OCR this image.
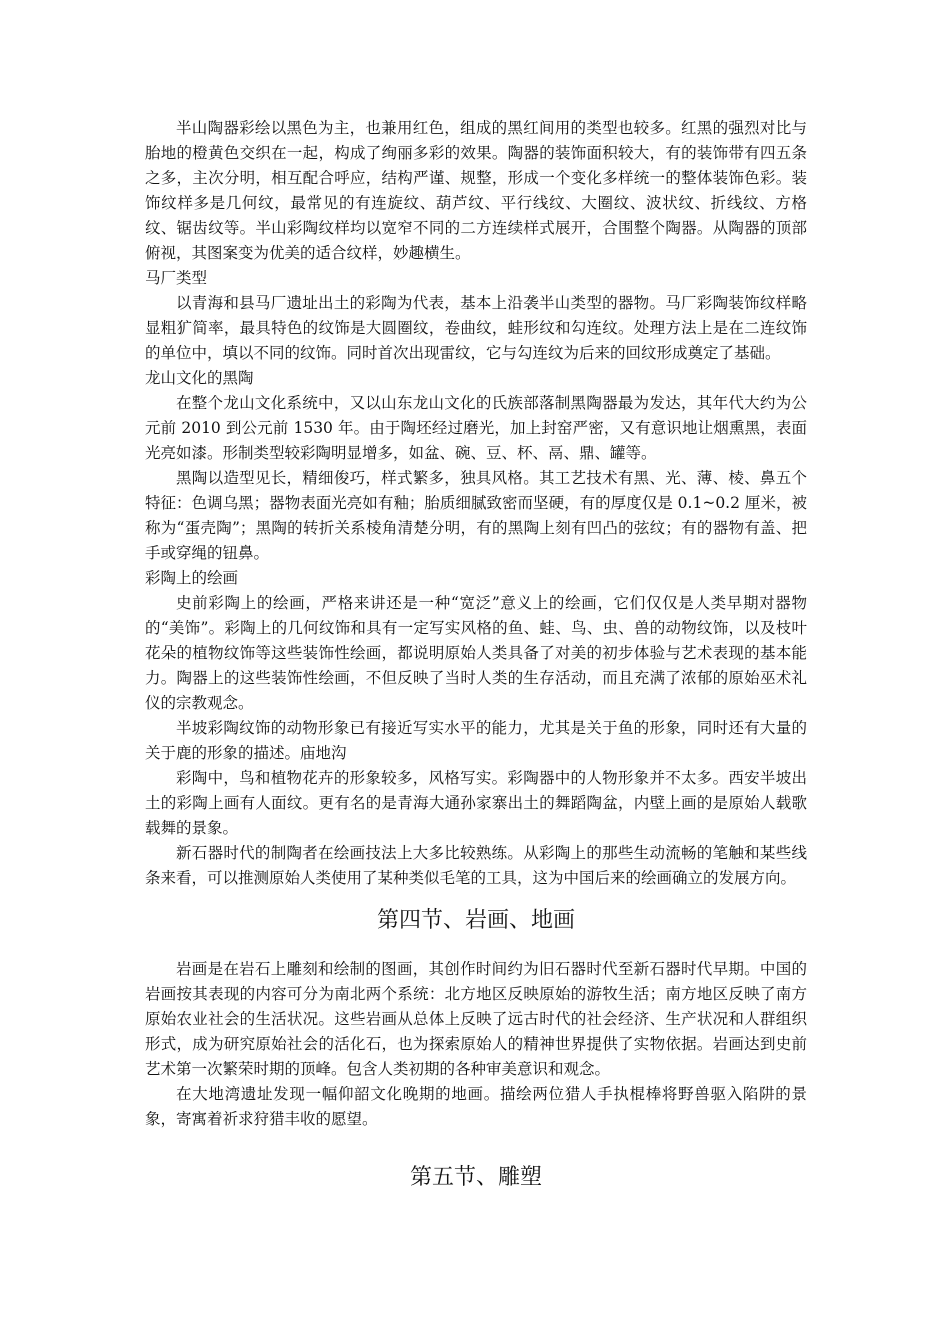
半山陶器彩绘以黑色为主，也兼用红色，组成的黑红间用的类型也较多。红黑的强烈对比与胎地的橙黄色交织在一起，构成了绚丽多彩的效果。陶器的装饰面积较大，有的装饰带有四五条之多，主次分明，相互配合呼应，结构严谨、规整，形成一个变化多样统一的整体装饰色彩。装饰纹样多是几何纹，最常见的有连旋纹、葫芦纹、平行线纹、大圈纹、波状纹、折线纹、方格纹、锯齿纹等。半山彩陶纹样均以宽窄不同的二方连续样式展开，合围整个陶器。从陶器的顶部俯视，其图案变为优美的适合纹样，妙趣横生。

马厂类型

以青海和县马厂遗址出土的彩陶为代表，基本上沿袭半山类型的器物。马厂彩陶装饰纹样略显粗犷简率，最具特色的纹饰是大圆圈纹，卷曲纹，蛙形纹和勾连纹。处理方法上是在二连纹饰的单位中，填以不同的纹饰。同时首次出现雷纹，它与勾连纹为后来的回纹形成奠定了基础。

龙山文化的黑陶

在整个龙山文化系统中，又以山东龙山文化的氏族部落制黑陶器最为发达，其年代大约为公元前 2010 到公元前 1530 年。由于陶坯经过磨光，加上封窑严密，又有意识地让烟熏黑，表面光亮如漆。形制类型较彩陶明显增多，如盆、碗、豆、杯、鬲、鼎、罐等。

黑陶以造型见长，精细俊巧，样式繁多，独具风格。其工艺技术有黑、光、薄、棱、鼻五个特征：色调乌黑；器物表面光亮如有釉；胎质细腻致密而坚硬，有的厚度仅是 0.1~0.2 厘米，被称为“蛋壳陶”；黑陶的转折关系棱角清楚分明，有的黑陶上刻有凹凸的弦纹；有的器物有盖、把手或穿绳的钮鼻。

彩陶上的绘画

史前彩陶上的绘画，严格来讲还是一种“宽泛”意义上的绘画，它们仅仅是人类早期对器物的“美饰”。彩陶上的几何纹饰和具有一定写实风格的鱼、蛙、鸟、虫、兽的动物纹饰，以及枝叶花朵的植物纹饰等这些装饰性绘画，都说明原始人类具备了对美的初步体验与艺术表现的基本能力。陶器上的这些装饰性绘画，不但反映了当时人类的生存活动，而且充满了浓郁的原始巫术礼仪的宗教观念。

半坡彩陶纹饰的动物形象已有接近写实水平的能力，尤其是关于鱼的形象，同时还有大量的关于鹿的形象的描述。庙地沟

彩陶中，鸟和植物花卉的形象较多，风格写实。彩陶器中的人物形象并不太多。西安半坡出土的彩陶上画有人面纹。更有名的是青海大通孙家寨出土的舞蹈陶盆，内壁上画的是原始人载歌载舞的景象。

新石器时代的制陶者在绘画技法上大多比较熟练。从彩陶上的那些生动流畅的笔触和某些线条来看，可以推测原始人类使用了某种类似毛笔的工具，这为中国后来的绘画确立的发展方向。

第四节、岩画、地画

岩画是在岩石上雕刻和绘制的图画，其创作时间约为旧石器时代至新石器时代早期。中国的岩画按其表现的内容可分为南北两个系统：北方地区反映原始的游牧生活；南方地区反映了南方原始农业社会的生活状况。这些岩画从总体上反映了远古时代的社会经济、生产状况和人群组织形式，成为研究原始社会的活化石，也为探索原始人的精神世界提供了实物依据。岩画达到史前艺术第一次繁荣时期的顶峰。包含人类初期的各种审美意识和观念。

在大地湾遗址发现一幅仰韶文化晚期的地画。描绘两位猎人手执棍棒将野兽驱入陷阱的景象，寄寓着祈求狩猎丰收的愿望。

第五节、雕塑
